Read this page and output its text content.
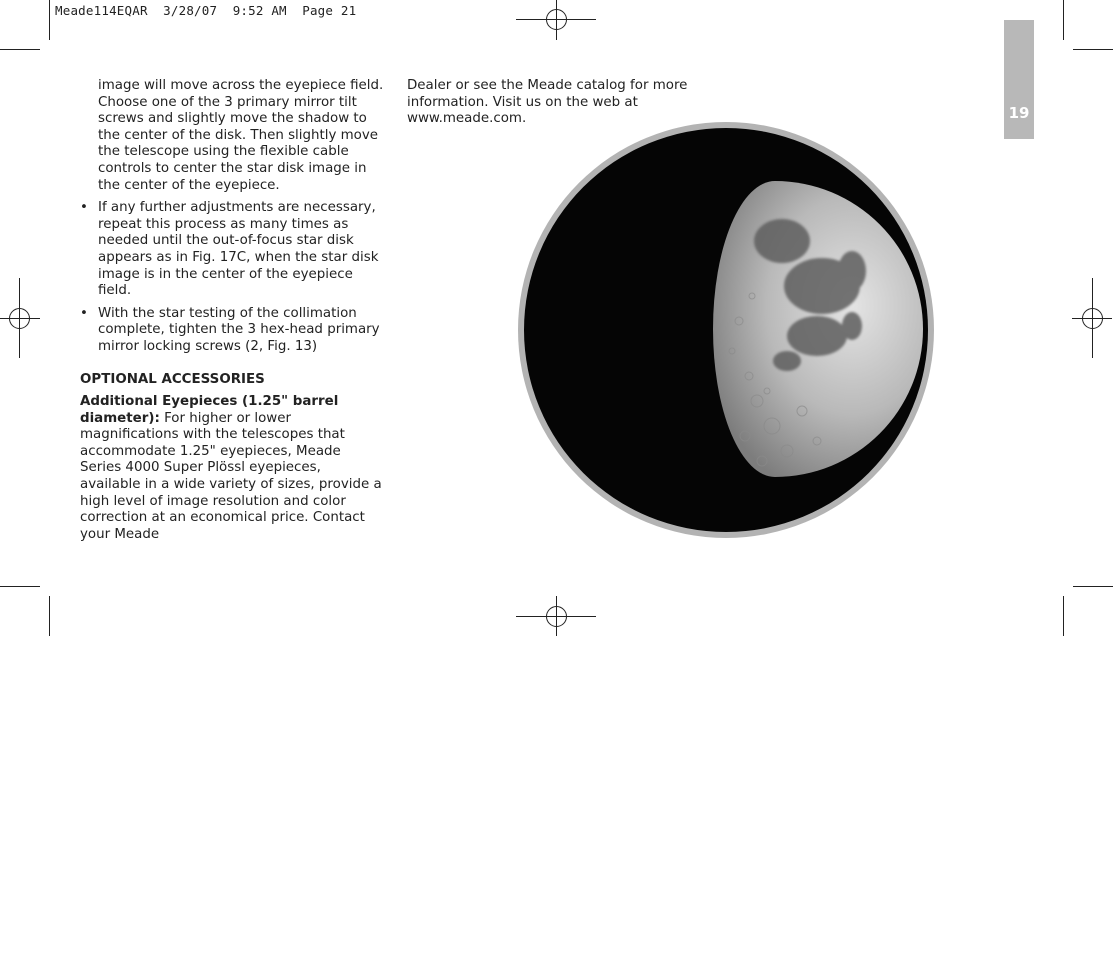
Meade114EQAR  3/28/07  9:52 AM  Page 21
19
image will move across the eyepiece field. Choose one of the 3 primary mirror tilt screws and slightly move the shadow to the center of the disk. Then slightly move the telescope using the flexible cable controls to center the star disk image in the center of the eyepiece.
• If any further adjustments are necessary, repeat this process as many times as needed until the out-of-focus star disk appears as in Fig. 17C, when the star disk image is in the center of the eyepiece field.
• With the star testing of the collimation complete, tighten the 3 hex-head primary mirror locking screws (2, Fig. 13)
OPTIONAL ACCESSORIES
Additional Eyepieces (1.25" barrel diameter): For higher or lower magnifications with the telescopes that accommodate 1.25" eyepieces, Meade Series 4000 Super Plössl eyepieces, available in a wide variety of sizes, provide a high level of image resolution and color correction at an economical price. Contact your Meade
Dealer or see the Meade catalog for more information. Visit us on the web at www.meade.com.
